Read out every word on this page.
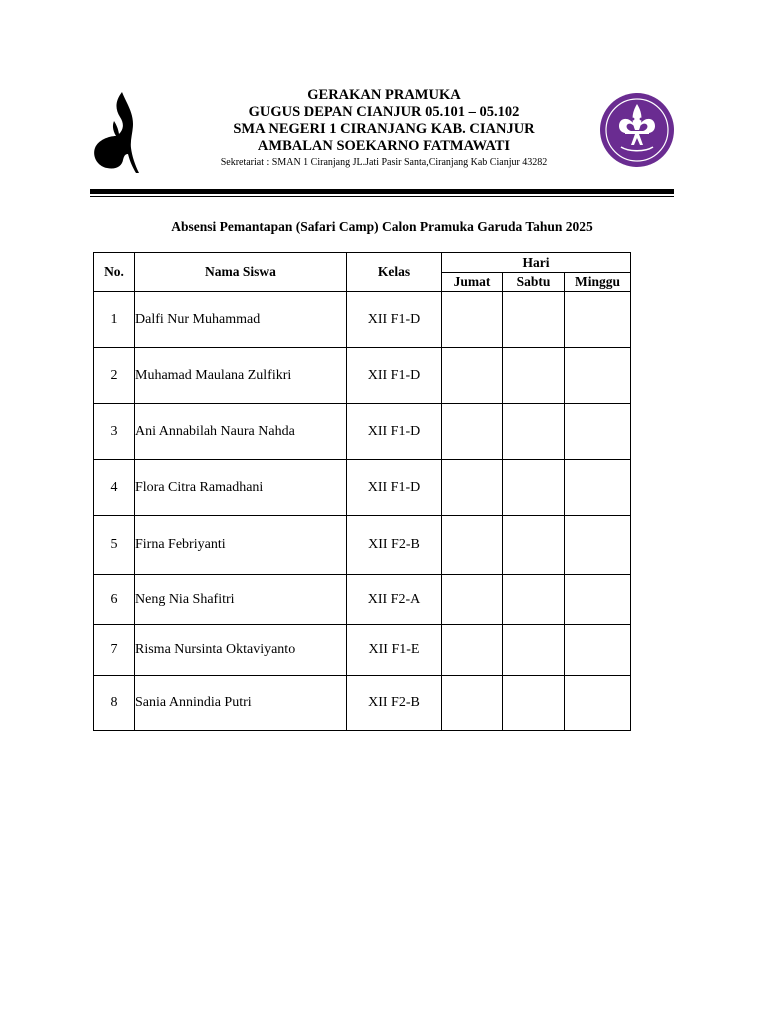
GERAKAN PRAMUKA
GUGUS DEPAN CIANJUR 05.101 – 05.102
SMA NEGERI 1 CIRANJANG KAB. CIANJUR
AMBALAN SOEKARNO FATMAWATI
Sekretariat : SMAN 1 Ciranjang JL.Jati Pasir Santa,Ciranjang Kab Cianjur 43282
Absensi Pemantapan (Safari Camp) Calon Pramuka Garuda Tahun 2025
No.	Nama Siswa	Kelas	Hari		
			Jumat	Sabtu	Minggu
1	Dalfi Nur Muhammad	XII F1-D			
2	Muhamad Maulana Zulfikri	XII F1-D			
3	Ani Annabilah Naura Nahda	XII F1-D			
4	Flora Citra Ramadhani	XII F1-D			
5	Firna Febriyanti	XII F2-B			
6	Neng Nia Shafitri	XII F2-A			
7	Risma Nursinta Oktaviyanto	XII F1-E			
8	Sania Annindia Putri	XII F2-B			
